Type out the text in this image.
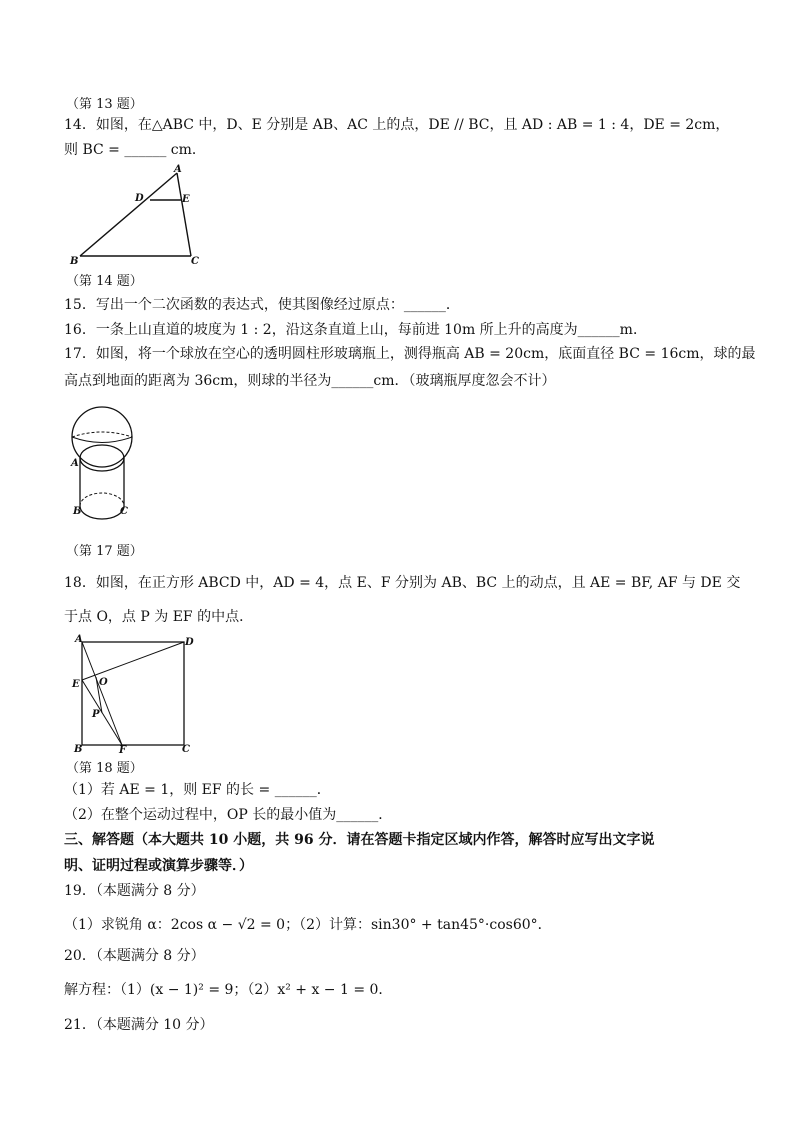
（第 13 题）
14．如图，在△ABC 中，D、E 分别是 AB、AC 上的点，DE // BC，且 AD : AB = 1 : 4，DE = 2cm，
则 BC = ______ cm．
A
D	E
B	C
（第 14 题）
15．写出一个二次函数的表达式，使其图像经过原点：______．
16．一条上山直道的坡度为 1 : 2，沿这条直道上山，每前进 10m 所上升的高度为______m．
17．如图，将一个球放在空心的透明圆柱形玻璃瓶上，测得瓶高 AB = 20cm，底面直径 BC = 16cm，球的最
高点到地面的距离为 36cm，则球的半径为______cm．（玻璃瓶厚度忽会不计）
A
B	C
（第 17 题）
18．如图，在正方形 ABCD 中，AD = 4，点 E、F 分别为 AB、BC 上的动点，且 AE = BF, AF 与 DE 交
于点 O，点 P 为 EF 的中点．
A	D
E O
P
B	F	C
（第 18 题）
（1）若 AE = 1，则 EF 的长 = ______．
（2）在整个运动过程中，OP 长的最小值为______．
三、解答题（本大题共 10 小题，共 96 分．请在答题卡指定区域内作答，解答时应写出文字说
明、证明过程或演算步骤等．）
19．（本题满分 8 分）
（1）求锐角 α：2cos α − √2 = 0；（2）计算：sin30° + tan45°·cos60°．
20．（本题满分 8 分）
解方程：（1）(x − 1)² = 9；（2）x² + x − 1 = 0．
21．（本题满分 10 分）
